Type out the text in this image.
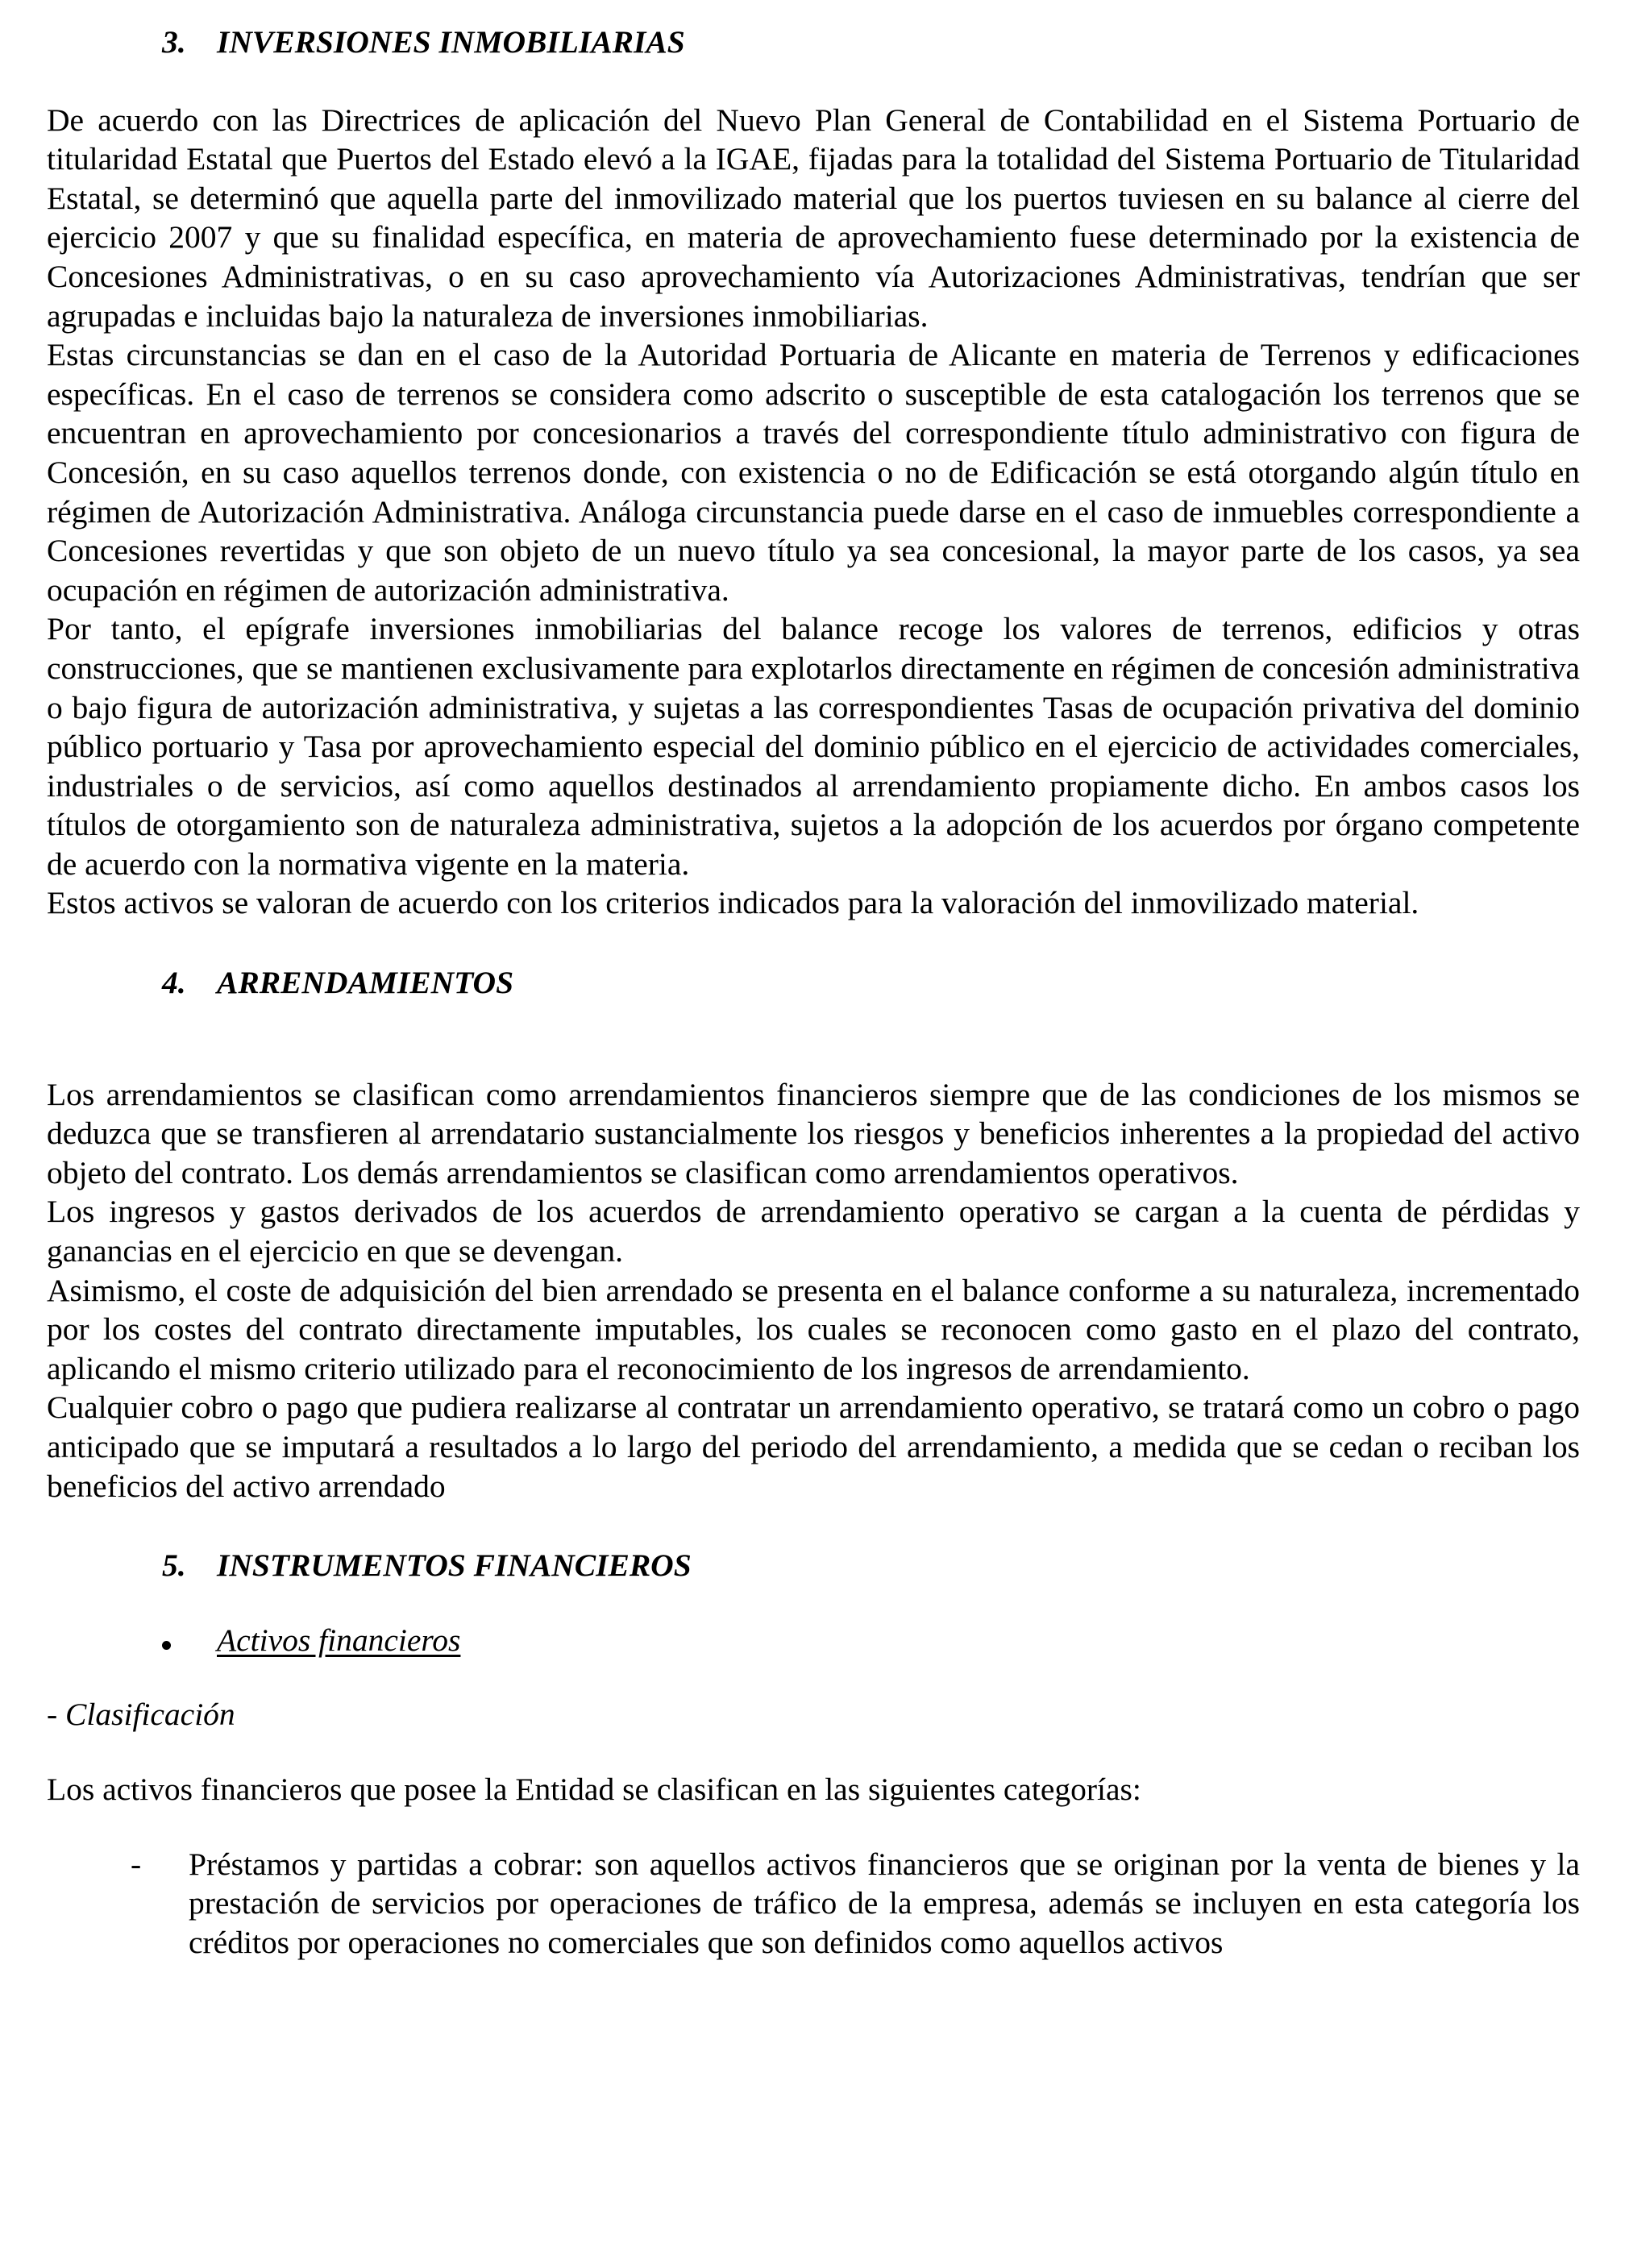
3. INVERSIONES INMOBILIARIAS

De acuerdo con las Directrices de aplicación del Nuevo Plan General de Contabilidad en el Sistema Portuario de titularidad Estatal que Puertos del Estado elevó a la IGAE, fijadas para la totalidad del Sistema Portuario de Titularidad Estatal, se determinó que aquella parte del inmovilizado material que los puertos tuviesen en su balance al cierre del ejercicio 2007 y que su finalidad específica, en materia de aprovechamiento fuese determinado por la existencia de Concesiones Administrativas, o en su caso aprovechamiento vía Autorizaciones Administrativas, tendrían que ser agrupadas e incluidas bajo la naturaleza de inversiones inmobiliarias.

Estas circunstancias se dan en el caso de la Autoridad Portuaria de Alicante en materia de Terrenos y edificaciones específicas. En el caso de terrenos se considera como adscrito o susceptible de esta catalogación los terrenos que se encuentran en aprovechamiento por concesionarios a través del correspondiente título administrativo con figura de Concesión, en su caso aquellos terrenos donde, con existencia o no de Edificación se está otorgando algún título en régimen de Autorización Administrativa. Análoga circunstancia puede darse en el caso de inmuebles correspondiente a Concesiones revertidas y que son objeto de un nuevo título ya sea concesional, la mayor parte de los casos, ya sea ocupación en régimen de autorización administrativa.

Por tanto, el epígrafe inversiones inmobiliarias del balance recoge los valores de terrenos, edificios y otras construcciones, que se mantienen exclusivamente para explotarlos directamente en régimen de concesión administrativa o bajo figura de autorización administrativa, y sujetas a las correspondientes Tasas de ocupación privativa del dominio público portuario y Tasa por aprovechamiento especial del dominio público en el ejercicio de actividades comerciales, industriales o de servicios, así como aquellos destinados al arrendamiento propiamente dicho. En ambos casos los títulos de otorgamiento son de naturaleza administrativa, sujetos a la adopción de los acuerdos por órgano competente de acuerdo con la normativa vigente en la materia.

Estos activos se valoran de acuerdo con los criterios indicados para la valoración del inmovilizado material.

4. ARRENDAMIENTOS

Los arrendamientos se clasifican como arrendamientos financieros siempre que de las condiciones de los mismos se deduzca que se transfieren al arrendatario sustancialmente los riesgos y beneficios inherentes a la propiedad del activo objeto del contrato. Los demás arrendamientos se clasifican como arrendamientos operativos.

Los ingresos y gastos derivados de los acuerdos de arrendamiento operativo se cargan a la cuenta de pérdidas y ganancias en el ejercicio en que se devengan.

Asimismo, el coste de adquisición del bien arrendado se presenta en el balance conforme a su naturaleza, incrementado por los costes del contrato directamente imputables, los cuales se reconocen como gasto en el plazo del contrato, aplicando el mismo criterio utilizado para el reconocimiento de los ingresos de arrendamiento.

Cualquier cobro o pago que pudiera realizarse al contratar un arrendamiento operativo, se tratará como un cobro o pago anticipado que se imputará a resultados a lo largo del periodo del arrendamiento, a medida que se cedan o reciban los beneficios del activo arrendado

5. INSTRUMENTOS FINANCIEROS

Activos financieros

- Clasificación

Los activos financieros que posee la Entidad se clasifican en las siguientes categorías:

-	Préstamos y partidas a cobrar: son aquellos activos financieros que se originan por la venta de bienes y la prestación de servicios por operaciones de tráfico de la empresa, además se incluyen en esta categoría los créditos por operaciones no comerciales que son definidos como aquellos activos
